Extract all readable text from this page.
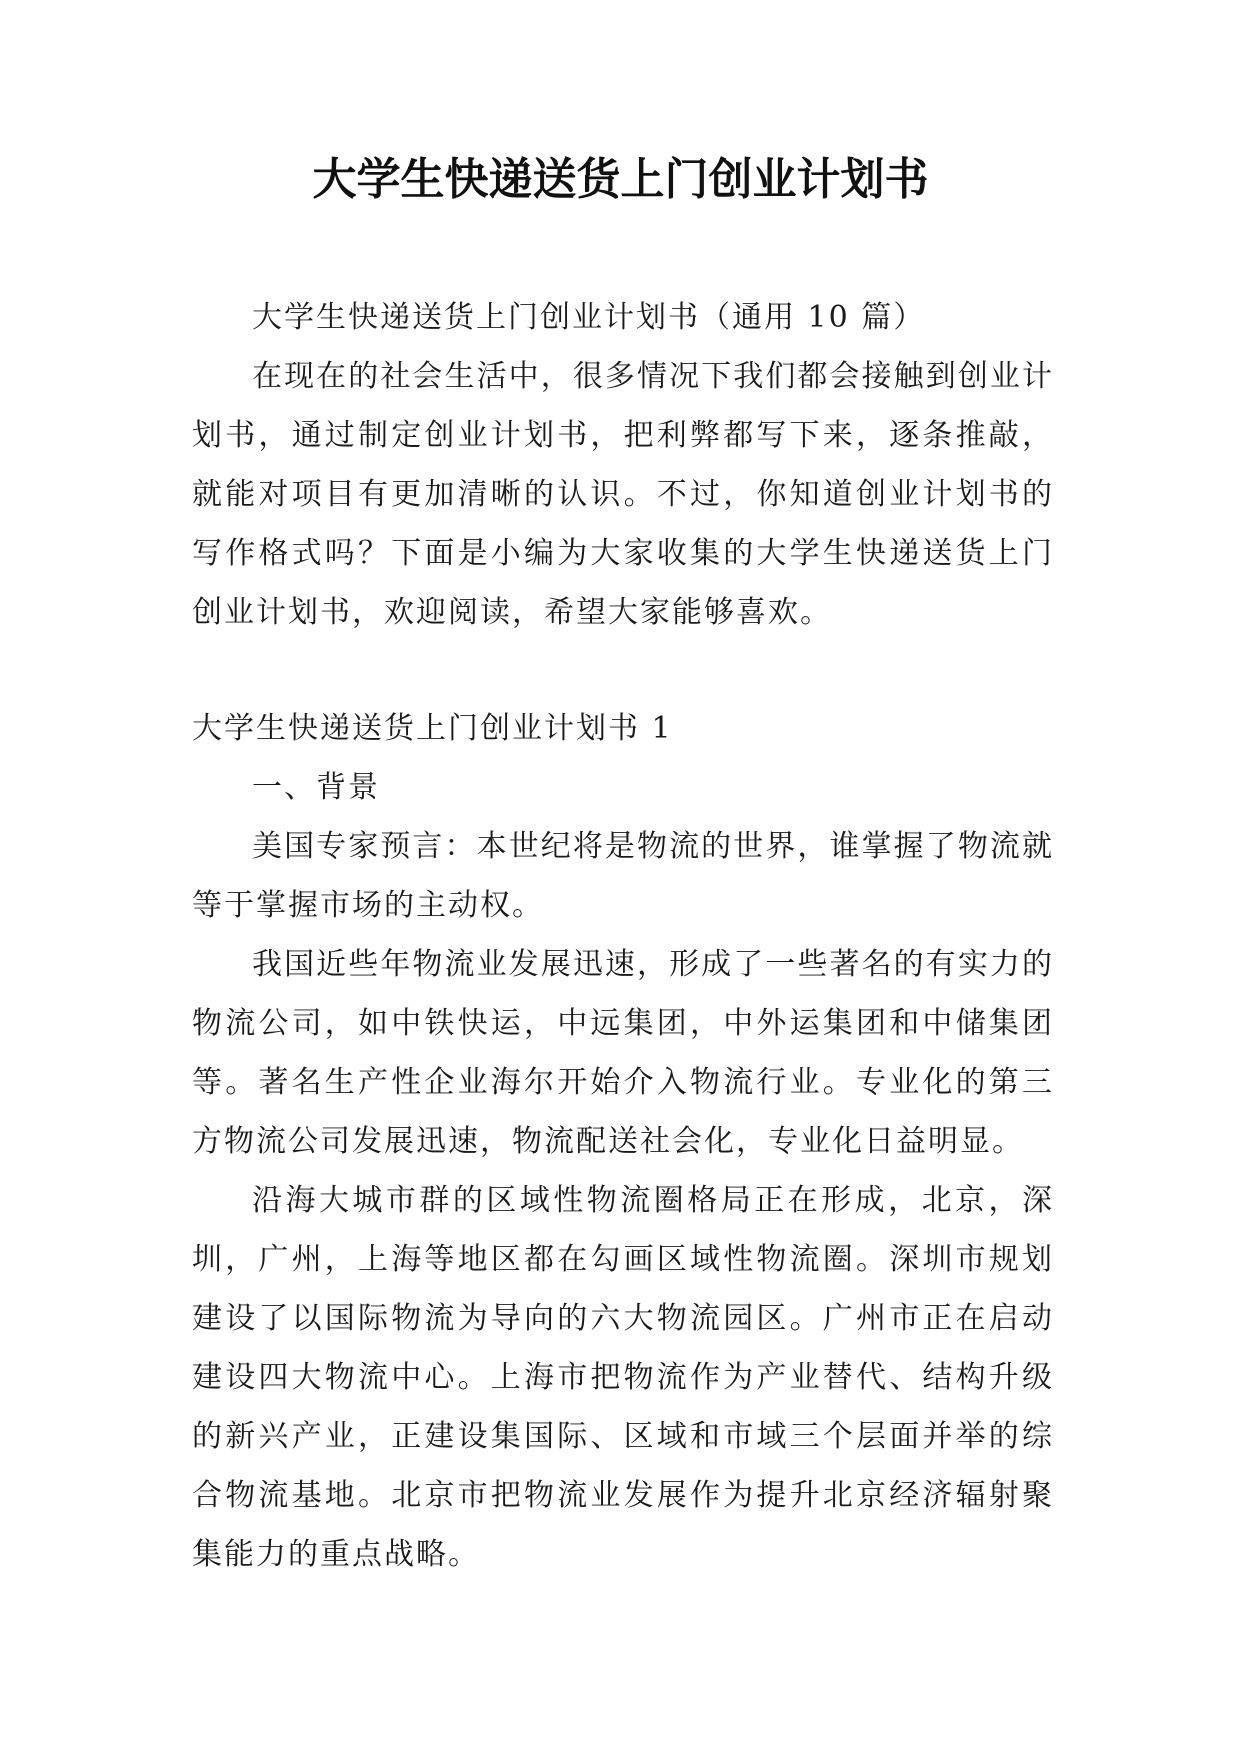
大学生快递送货上门创业计划书

大学生快递送货上门创业计划书（通用 10 篇）

在现在的社会生活中，很多情况下我们都会接触到创业计划书，通过制定创业计划书，把利弊都写下来，逐条推敲，就能对项目有更加清晰的认识。不过，你知道创业计划书的写作格式吗？下面是小编为大家收集的大学生快递送货上门创业计划书，欢迎阅读，希望大家能够喜欢。

大学生快递送货上门创业计划书 1

一、背景

美国专家预言：本世纪将是物流的世界，谁掌握了物流就等于掌握市场的主动权。

我国近些年物流业发展迅速，形成了一些著名的有实力的物流公司，如中铁快运，中远集团，中外运集团和中储集团等。著名生产性企业海尔开始介入物流行业。专业化的第三方物流公司发展迅速，物流配送社会化，专业化日益明显。

沿海大城市群的区域性物流圈格局正在形成，北京，深圳，广州，上海等地区都在勾画区域性物流圈。深圳市规划建设了以国际物流为导向的六大物流园区。广州市正在启动建设四大物流中心。上海市把物流作为产业替代、结构升级的新兴产业，正建设集国际、区域和市域三个层面并举的综合物流基地。北京市把物流业发展作为提升北京经济辐射聚集能力的重点战略。
